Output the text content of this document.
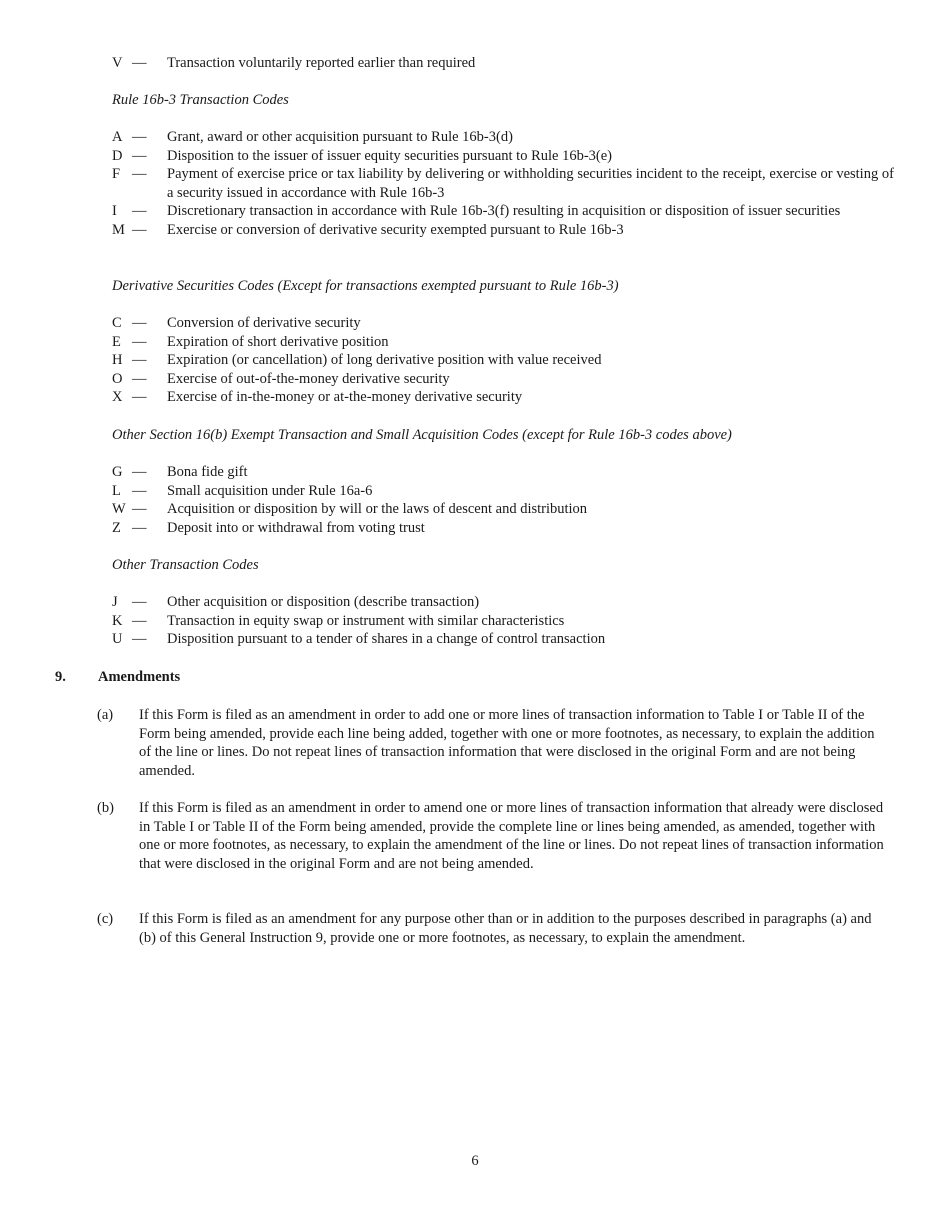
V —	Transaction voluntarily reported earlier than required
Rule 16b-3 Transaction Codes
A —	Grant, award or other acquisition pursuant to Rule 16b-3(d)
D —	Disposition to the issuer of issuer equity securities pursuant to Rule 16b-3(e)
F —	Payment of exercise price or tax liability by delivering or withholding securities incident to the receipt, exercise or vesting of a security issued in accordance with Rule 16b-3
I	—	Discretionary transaction in accordance with Rule 16b-3(f) resulting in acquisition or disposition of issuer securities
M —	Exercise or conversion of derivative security exempted pursuant to Rule 16b-3
Derivative Securities Codes (Except for transactions exempted pursuant to Rule 16b-3)
C —	Conversion of derivative security
E —	Expiration of short derivative position
H —	Expiration (or cancellation) of long derivative position with value received
O —	Exercise of out-of-the-money derivative security
X —	Exercise of in-the-money or at-the-money derivative security
Other Section 16(b) Exempt Transaction and Small Acquisition Codes (except for Rule 16b-3 codes above)
G —	Bona fide gift
L —	Small acquisition under Rule 16a-6
W —	Acquisition or disposition by will or the laws of descent and distribution
Z —	Deposit into or withdrawal from voting trust
Other Transaction Codes
J —	Other acquisition or disposition (describe transaction)
K —	Transaction in equity swap or instrument with similar characteristics
U —	Disposition pursuant to a tender of shares in a change of control transaction
9.	Amendments
(a)	If this Form is filed as an amendment in order to add one or more lines of transaction information to Table I or Table II of the Form being amended, provide each line being added, together with one or more footnotes, as necessary, to explain the addition of the line or lines. Do not repeat lines of transaction information that were disclosed in the original Form and are not being amended.
(b)	If this Form is filed as an amendment in order to amend one or more lines of transaction information that already were disclosed in Table I or Table II of the Form being amended, provide the complete line or lines being amended, as amended, together with one or more footnotes, as necessary, to explain the amendment of the line or lines. Do not repeat lines of transaction information that were disclosed in the original Form and are not being amended.
(c)	If this Form is filed as an amendment for any purpose other than or in addition to the purposes described in paragraphs (a) and (b) of this General Instruction 9, provide one or more footnotes, as necessary, to explain the amendment.
6
